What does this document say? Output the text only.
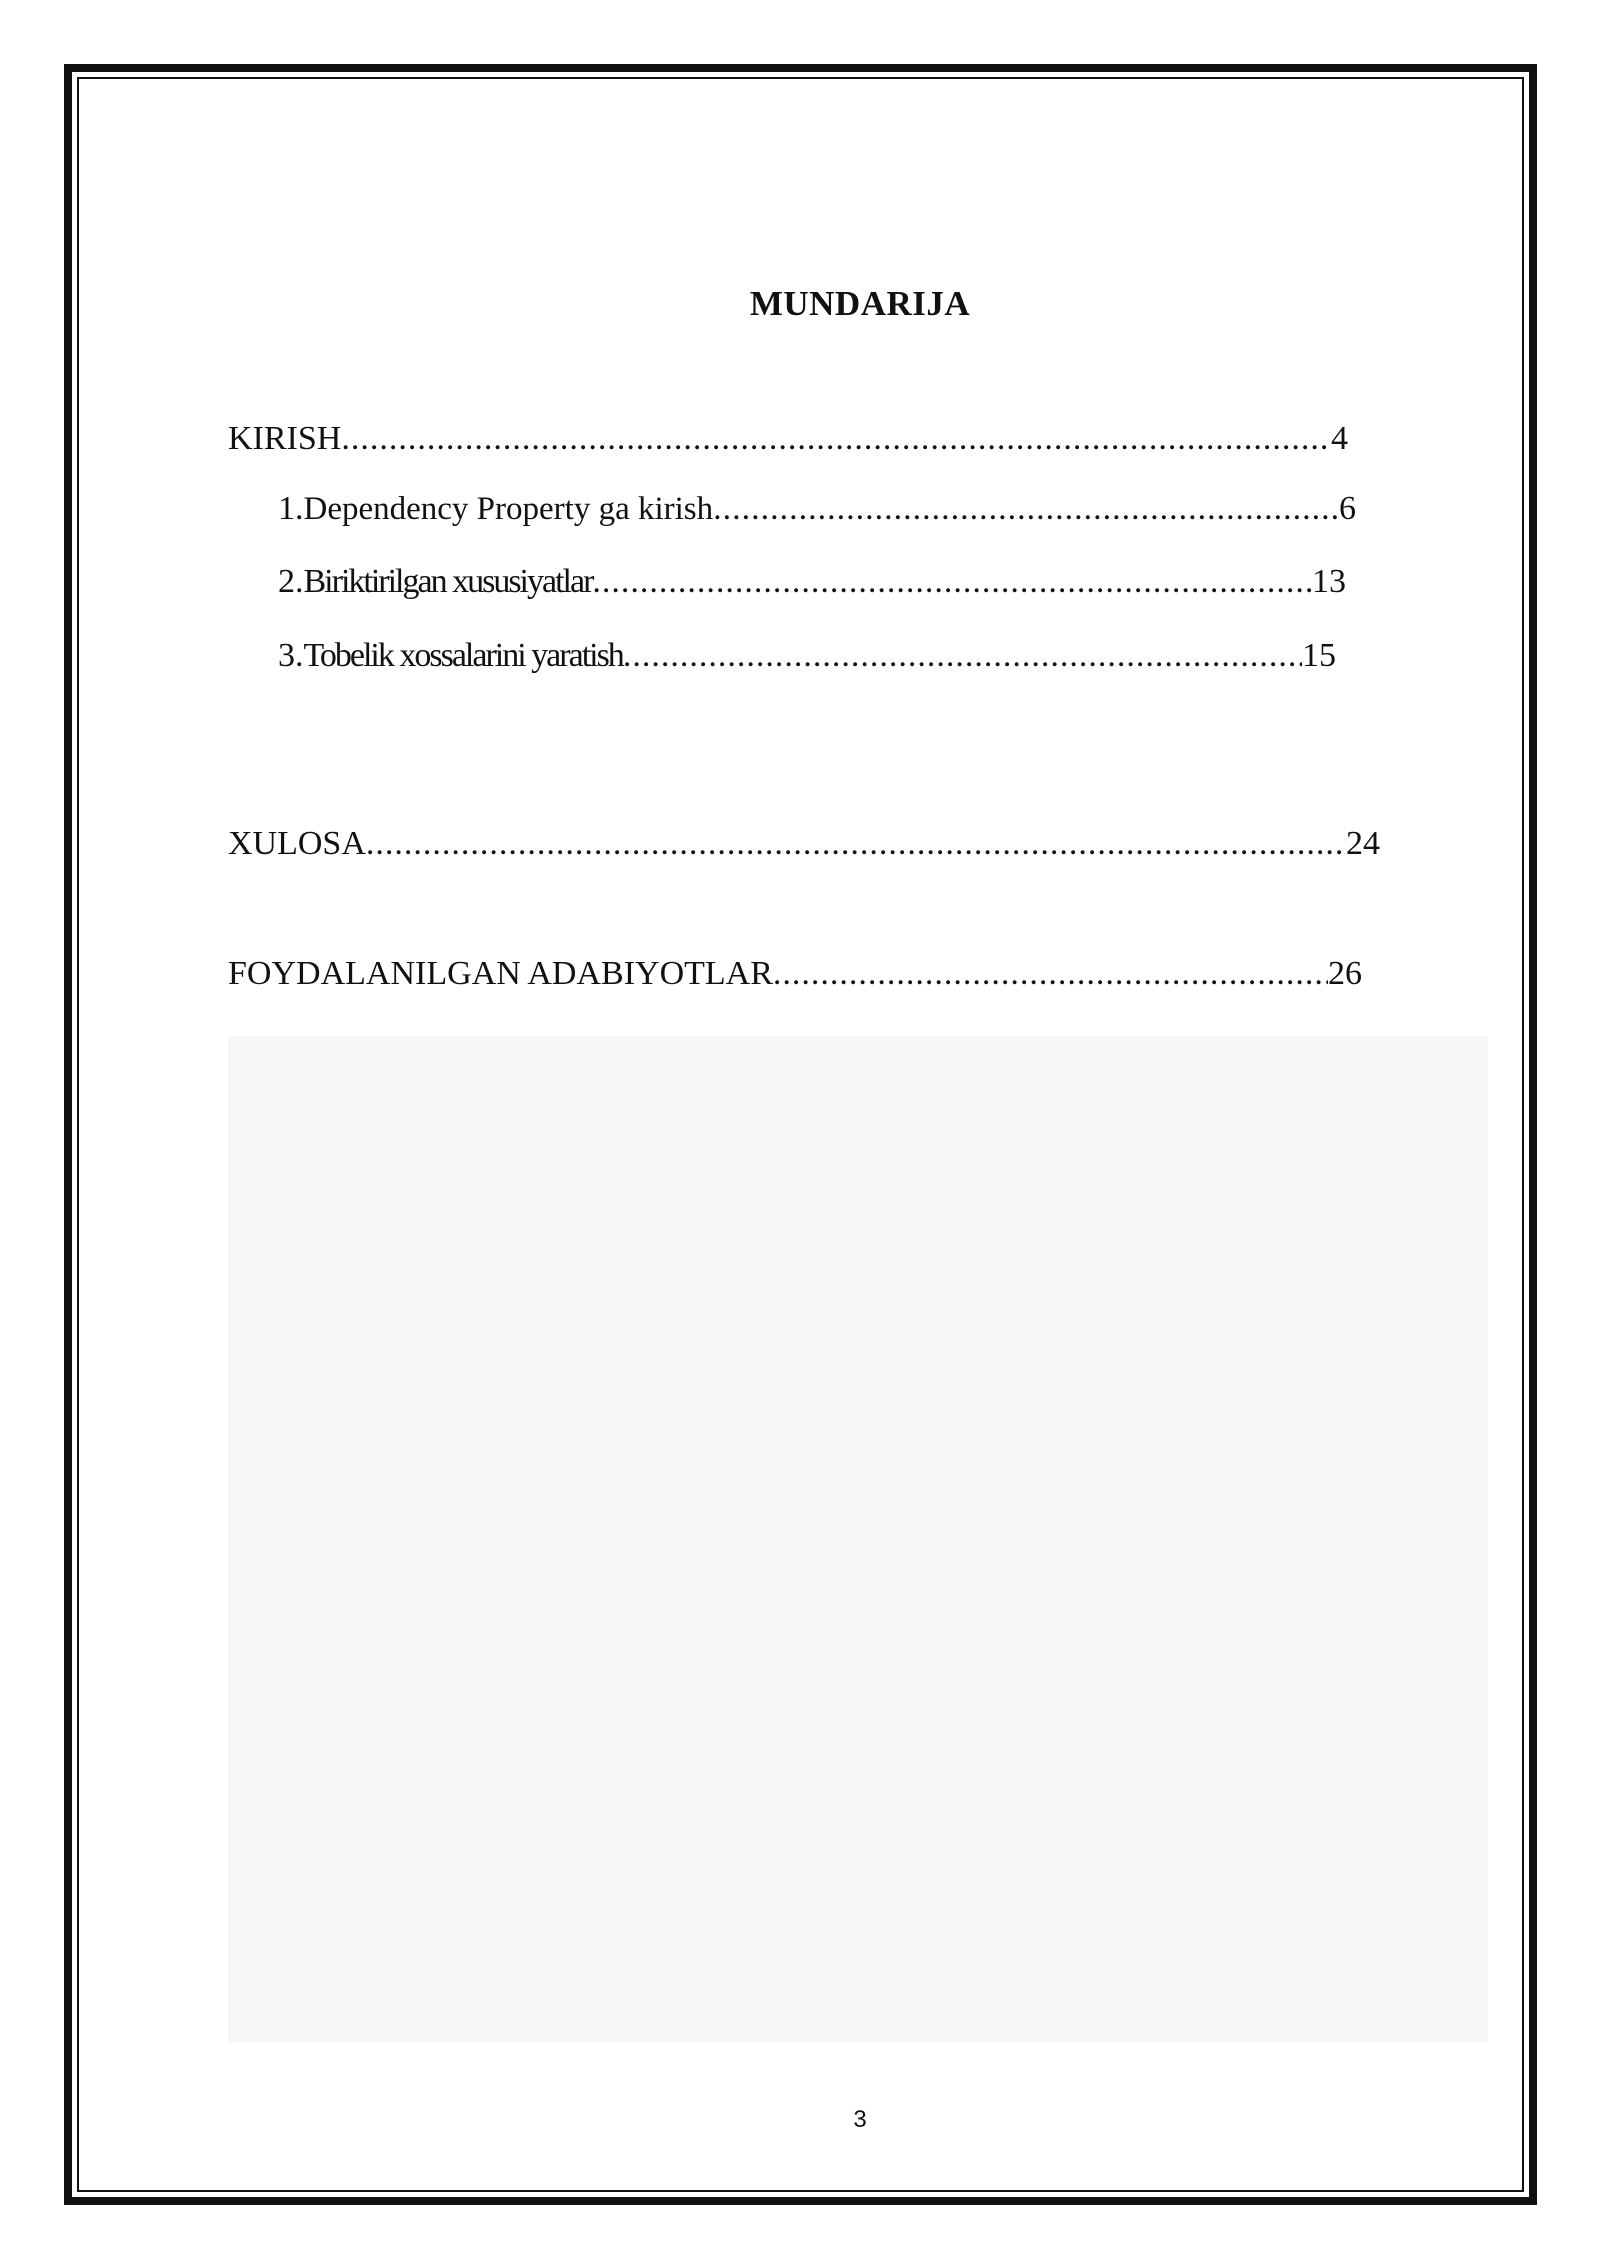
MUNDARIJA
KIRISH .....	4
1. Dependency Property ga kirish .....	6
2. Biriktirilgan xususiyatlar .....	13
3. Tobelik xossalarini yaratish .....	15
XULOSA .....	24
FOYDALANILGAN ADABIYOTLAR .....	26

3
